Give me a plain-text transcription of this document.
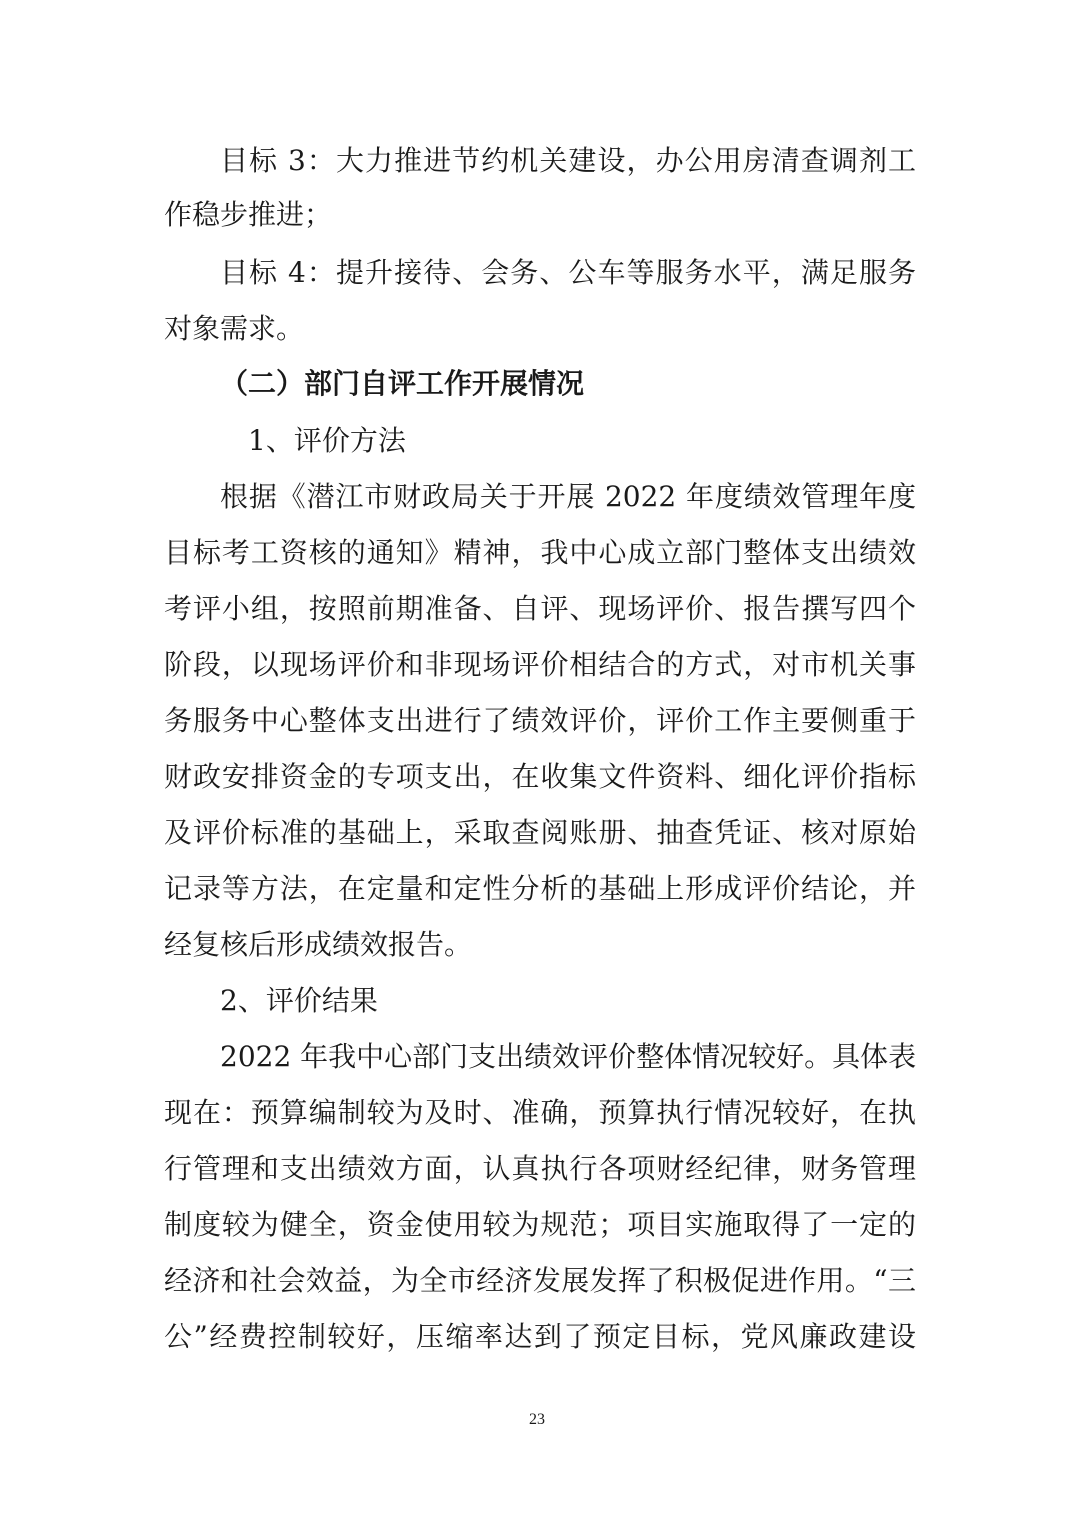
目标 3：大力推进节约机关建设，办公用房清查调剂工
作稳步推进；
目标 4：提升接待、会务、公车等服务水平，满足服务
对象需求。
（二）部门自评工作开展情况
1、评价方法
根据《潜江市财政局关于开展 2022 年度绩效管理年度
目标考工资核的通知》精神，我中心成立部门整体支出绩效
考评小组，按照前期准备、自评、现场评价、报告撰写四个
阶段，以现场评价和非现场评价相结合的方式，对市机关事
务服务中心整体支出进行了绩效评价，评价工作主要侧重于
财政安排资金的专项支出，在收集文件资料、细化评价指标
及评价标准的基础上，采取查阅账册、抽查凭证、核对原始
记录等方法，在定量和定性分析的基础上形成评价结论，并
经复核后形成绩效报告。
2、评价结果
2022 年我中心部门支出绩效评价整体情况较好。具体表
现在：预算编制较为及时、准确，预算执行情况较好，在执
行管理和支出绩效方面，认真执行各项财经纪律，财务管理
制度较为健全，资金使用较为规范；项目实施取得了一定的
经济和社会效益，为全市经济发展发挥了积极促进作用。“三
公”经费控制较好，压缩率达到了预定目标，党风廉政建设
23
